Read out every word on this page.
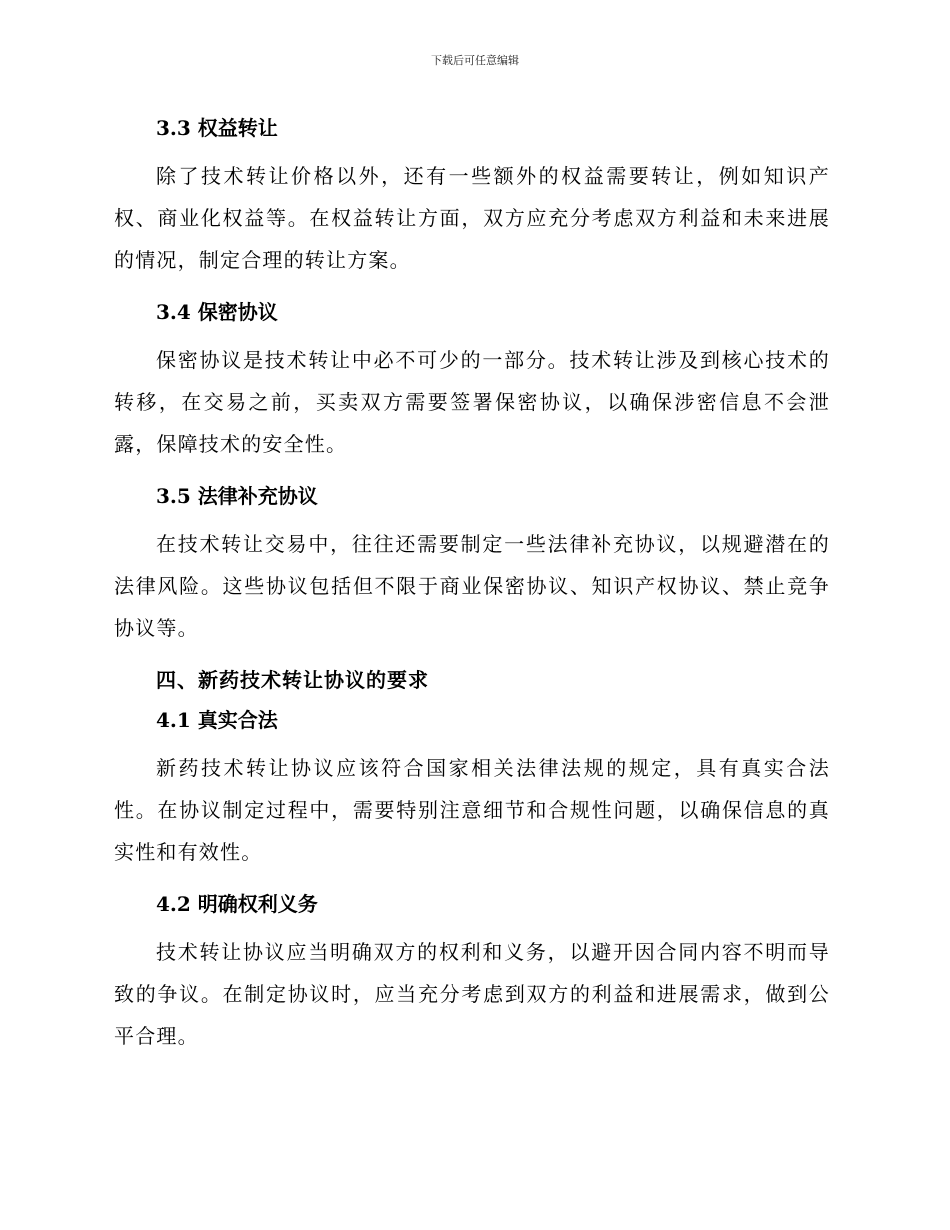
下载后可任意编辑
3.3 权益转让

除了技术转让价格以外，还有一些额外的权益需要转让，例如知识产权、商业化权益等。在权益转让方面，双方应充分考虑双方利益和未来进展的情况，制定合理的转让方案。

3.4 保密协议

保密协议是技术转让中必不可少的一部分。技术转让涉及到核心技术的转移，在交易之前，买卖双方需要签署保密协议，以确保涉密信息不会泄露，保障技术的安全性。

3.5 法律补充协议

在技术转让交易中，往往还需要制定一些法律补充协议，以规避潜在的法律风险。这些协议包括但不限于商业保密协议、知识产权协议、禁止竞争协议等。

四、新药技术转让协议的要求
4.1 真实合法

新药技术转让协议应该符合国家相关法律法规的规定，具有真实合法性。在协议制定过程中，需要特别注意细节和合规性问题，以确保信息的真实性和有效性。

4.2 明确权利义务

技术转让协议应当明确双方的权利和义务，以避开因合同内容不明而导致的争议。在制定协议时，应当充分考虑到双方的利益和进展需求，做到公平合理。
